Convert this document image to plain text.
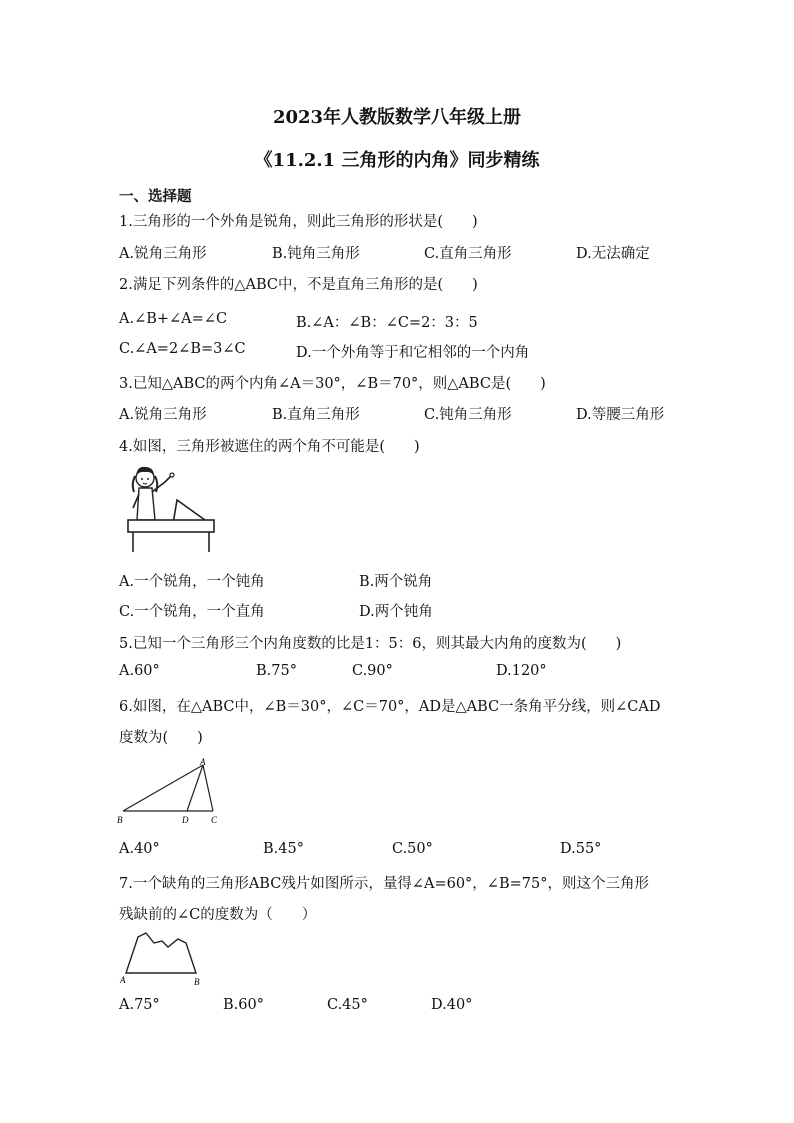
2023年人教版数学八年级上册
《11.2.1 三角形的内角》同步精练
一、选择题
1.三角形的一个外角是锐角，则此三角形的形状是(　　)
A.锐角三角形	B.钝角三角形	C.直角三角形	D.无法确定
2.满足下列条件的△ABC中，不是直角三角形的是(　　)
A.∠B+∠A=∠C	B.∠A：∠B：∠C=2：3：5
C.∠A=2∠B=3∠C	D.一个外角等于和它相邻的一个内角
3.已知△ABC的两个内角∠A＝30°，∠B＝70°，则△ABC是(　　)
A.锐角三角形	B.直角三角形	C.钝角三角形	D.等腰三角形
4.如图，三角形被遮住的两个角不可能是(　　)
A.一个锐角，一个钝角	B.两个锐角
C.一个锐角，一个直角	D.两个钝角
5.已知一个三角形三个内角度数的比是1：5：6，则其最大内角的度数为(　　)
A.60°	B.75°	C.90°	D.120°
6.如图，在△ABC中，∠B＝30°，∠C＝70°，AD是△ABC一条角平分线，则∠CAD
度数为(　　)
A
B	D	C
A.40°	B.45°	C.50°	D.55°
7.一个缺角的三角形ABC残片如图所示，量得∠A=60°，∠B=75°，则这个三角形
残缺前的∠C的度数为（　　）
A	B
A.75°	B.60°	C.45°	D.40°
